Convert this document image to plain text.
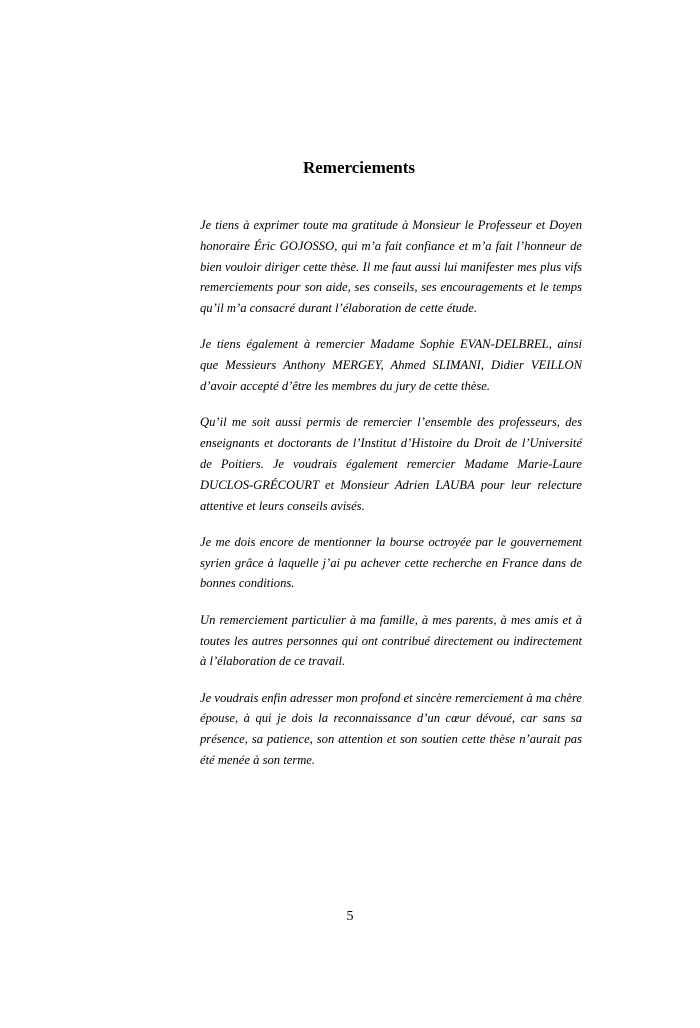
Remerciements

Je tiens à exprimer toute ma gratitude à Monsieur le Professeur et Doyen honoraire Éric GOJOSSO, qui m’a fait confiance et m’a fait l’honneur de bien vouloir diriger cette thèse. Il me faut aussi lui manifester mes plus vifs remerciements pour son aide, ses conseils, ses encouragements et le temps qu’il m’a consacré durant l’élaboration de cette étude.

Je tiens également à remercier Madame Sophie EVAN-DELBREL, ainsi que Messieurs Anthony MERGEY, Ahmed SLIMANI, Didier VEILLON d’avoir accepté d’être les membres du jury de cette thèse.

Qu’il me soit aussi permis de remercier l’ensemble des professeurs, des enseignants et doctorants de l’Institut d’Histoire du Droit de l’Université de Poitiers. Je voudrais également remercier Madame Marie-Laure DUCLOS-GRÉCOURT et Monsieur Adrien LAUBA pour leur relecture attentive et leurs conseils avisés.

Je me dois encore de mentionner la bourse octroyée par le gouvernement syrien grâce à laquelle j’ai pu achever cette recherche en France dans de bonnes conditions.

Un remerciement particulier à ma famille, à mes parents, à mes amis et à toutes les autres personnes qui ont contribué directement ou indirectement à l’élaboration de ce travail.

Je voudrais enfin adresser mon profond et sincère remerciement à ma chère épouse, à qui je dois la reconnaissance d’un cœur dévoué, car sans sa présence, sa patience, son attention et son soutien cette thèse n’aurait pas été menée à son terme.

5
